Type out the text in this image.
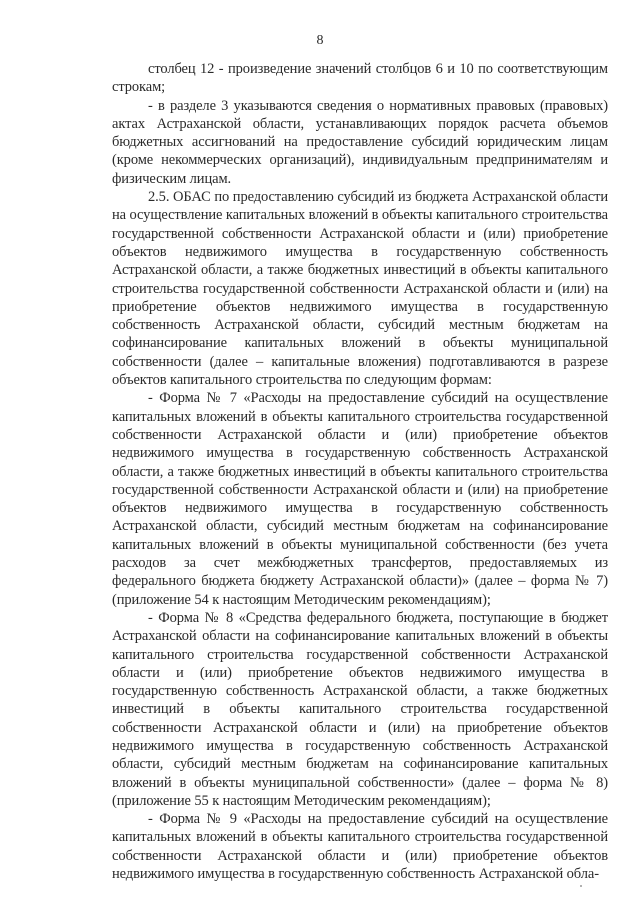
8

столбец 12 - произведение значений столбцов 6 и 10 по соответствующим строкам;

- в разделе 3 указываются сведения о нормативных правовых (правовых) актах Астраханской области, устанавливающих порядок расчета объемов бюджетных ассигнований на предоставление субсидий юридическим лицам (кроме некоммерческих организаций), индивидуальным предпринимателям и физическим лицам.

2.5. ОБАС по предоставлению субсидий из бюджета Астраханской области на осуществление капитальных вложений в объекты капитального строительства государственной собственности Астраханской области и (или) приобретение объектов недвижимого имущества в государственную собственность Астраханской области, а также бюджетных инвестиций в объекты капитального строительства государственной собственности Астраханской области и (или) на приобретение объектов недвижимого имущества в государственную собственность Астраханской области, субсидий местным бюджетам на софинансирование капитальных вложений в объекты муниципальной собственности (далее – капитальные вложения) подготавливаются в разрезе объектов капитального строительства по следующим формам:

- Форма № 7 «Расходы на предоставление субсидий на осуществление капитальных вложений в объекты капитального строительства государственной собственности Астраханской области и (или) приобретение объектов недвижимого имущества в государственную собственность Астраханской области, а также бюджетных инвестиций в объекты капитального строительства государственной собственности Астраханской области и (или) на приобретение объектов недвижимого имущества в государственную собственность Астраханской области, субсидий местным бюджетам на софинансирование капитальных вложений в объекты муниципальной собственности (без учета расходов за счет межбюджетных трансфертов, предоставляемых из федерального бюджета бюджету Астраханской области)» (далее – форма № 7) (приложение 54 к настоящим Методическим рекомендациям);

- Форма № 8 «Средства федерального бюджета, поступающие в бюджет Астраханской области на софинансирование капитальных вложений в объекты капитального строительства государственной собственности Астраханской области и (или) приобретение объектов недвижимого имущества в государственную собственность Астраханской области, а также бюджетных инвестиций в объекты капитального строительства государственной собственности Астраханской области и (или) на приобретение объектов недвижимого имущества в государственную собственность Астраханской области, субсидий местным бюджетам на софинансирование капитальных вложений в объекты муниципальной собственности» (далее – форма № 8) (приложение 55 к настоящим Методическим рекомендациям);

- Форма № 9 «Расходы на предоставление субсидий на осуществление капитальных вложений в объекты капитального строительства государственной собственности Астраханской области и (или) приобретение объектов недвижимого имущества в государственную собственность Астраханской обла-
